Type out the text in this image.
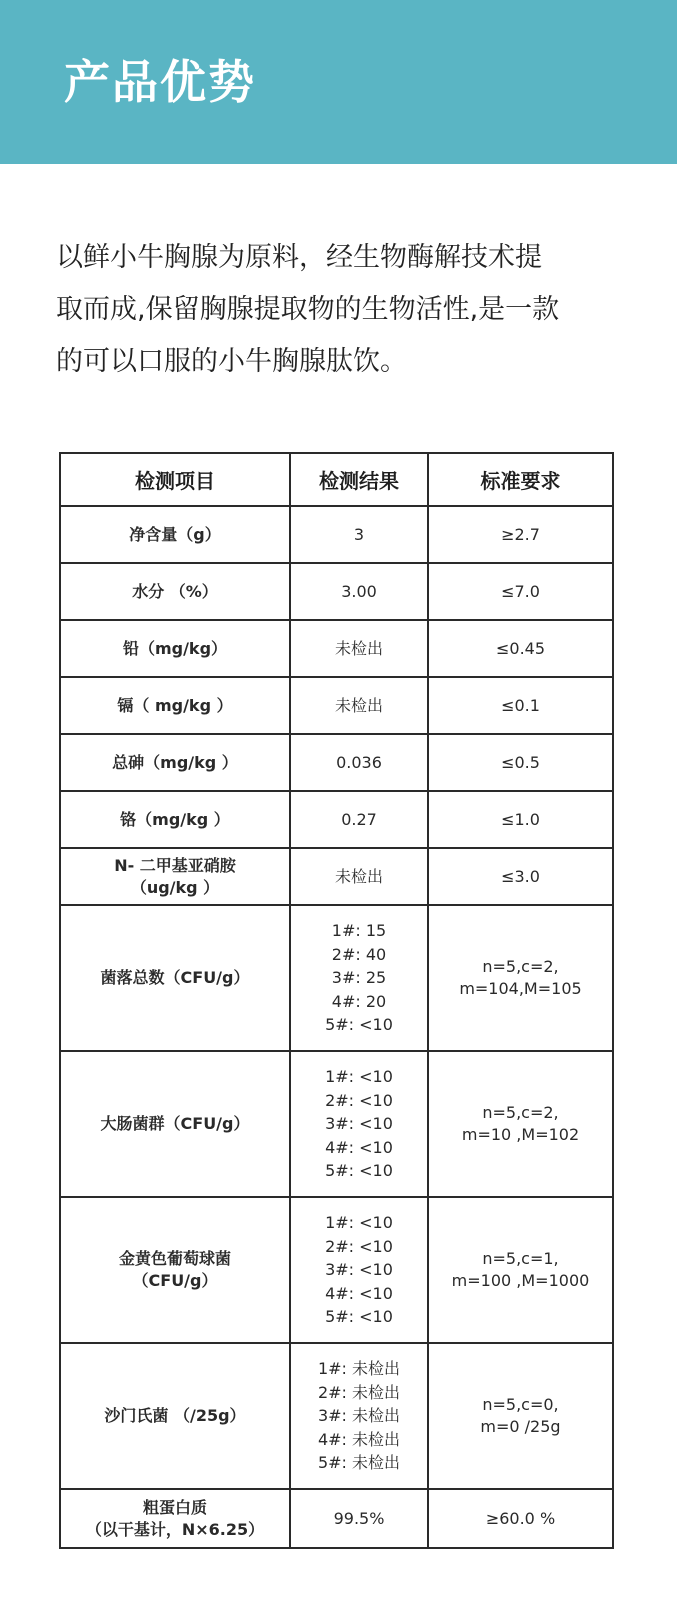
产品优势
以鲜小牛胸腺为原料，经生物酶解技术提
取而成,保留胸腺提取物的生物活性,是一款
的可以口服的小牛胸腺肽饮。
检测项目	检测结果	标准要求

净含量（g）	3	≥2.7

水分 （%）	3.00	≤7.0

铅（mg/kg）	未检出	≤0.45

镉（ mg/kg ）	未检出	≤0.1

总砷（mg/kg ）	0.036	≤0.5

铬（mg/kg ）	0.27	≤1.0

N- 二甲基亚硝胺
（ug/kg ）	未检出	≤3.0

菌落总数（CFU/g）	1#: 15
2#: 40
3#: 25
4#: 20
5#: <10	n=5,c=2,
m=104,M=105

大肠菌群（CFU/g）	1#: <10
2#: <10
3#: <10
4#: <10
5#: <10	n=5,c=2,
m=10 ,M=102

金黄色葡萄球菌
（CFU/g）	1#: <10
2#: <10
3#: <10
4#: <10
5#: <10	n=5,c=1,
m=100 ,M=1000

沙门氏菌 （/25g）	1#: 未检出
2#: 未检出
3#: 未检出
4#: 未检出
5#: 未检出	n=5,c=0,
m=0 /25g

粗蛋白质
（以干基计，N×6.25）	99.5%	≥60.0 %
